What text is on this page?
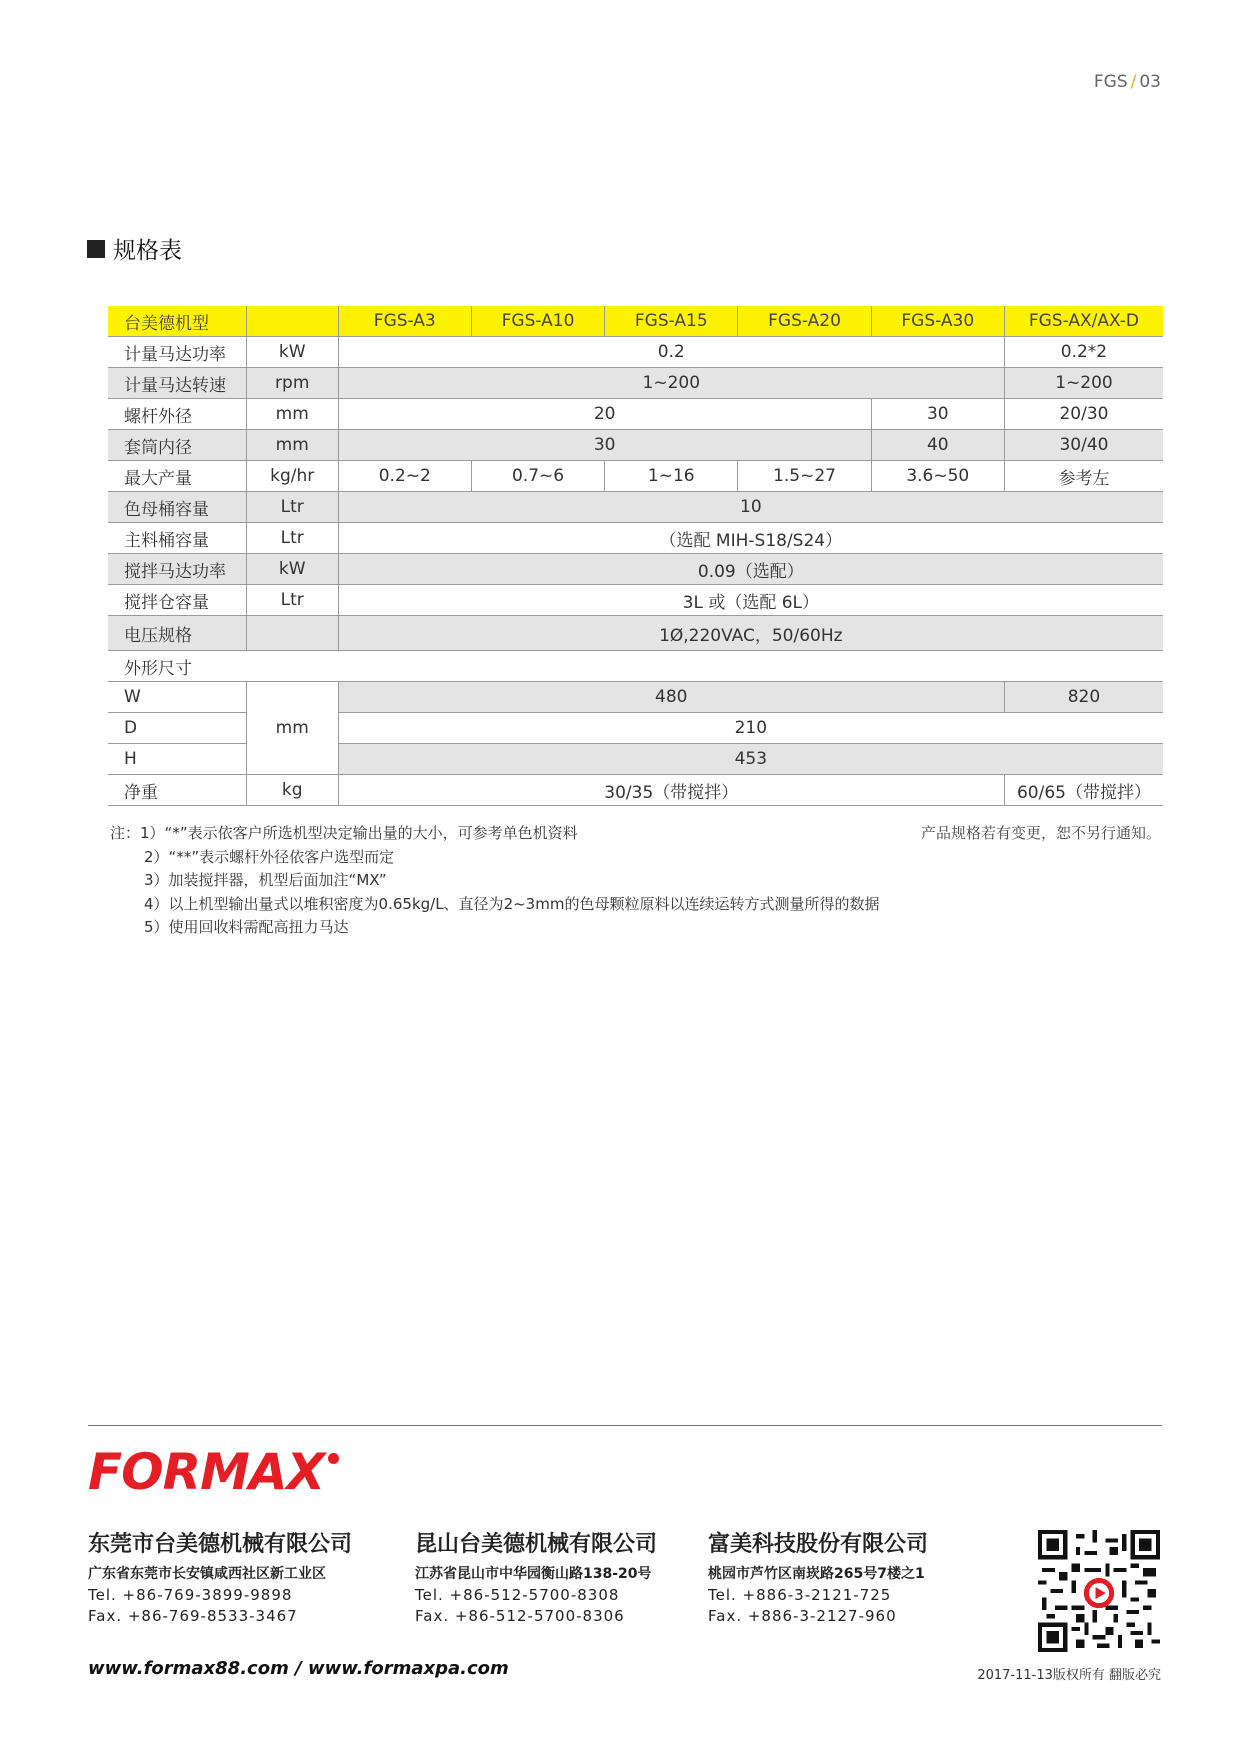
FGS / 03
规格表
台美德机型		FGS-A3	FGS-A10	FGS-A15	FGS-A20	FGS-A30	FGS-AX/AX-D
计量马达功率	kW	0.2					0.2*2
计量马达转速	rpm	1~200					1~200
螺杆外径	mm	20				30	20/30
套筒内径	mm	30				40	30/40
最大产量	kg/hr	0.2~2	0.7~6	1~16	1.5~27	3.6~50	参考左
色母桶容量	Ltr	10					
主料桶容量	Ltr	（选配 MIH-S18/S24）					
搅拌马达功率	kW	0.09（选配）					
搅拌仓容量	Ltr	3L 或（选配 6L）					
电压规格		1Ø,220VAC，50/60Hz					
外形尺寸							
W	mm	480					820
D		210					
H		453					
净重	kg	30/35（带搅拌）					60/65（带搅拌）
注：1）“*”表示依客户所选机型决定输出量的大小，可参考单色机资料
2）“**”表示螺杆外径依客户选型而定
3）加装搅拌器，机型后面加注“MX”
4）以上机型输出量式以堆积密度为0.65kg/L、直径为2~3mm的色母颗粒原料以连续运转方式测量所得的数据
5）使用回收料需配高扭力马达
产品规格若有变更，恕不另行通知。
FORMAX
东莞市台美德机械有限公司
广东省东莞市长安镇咸西社区新工业区
Tel. +86-769-3899-9898
Fax. +86-769-8533-3467
昆山台美德机械有限公司
江苏省昆山市中华园衡山路138-20号
Tel. +86-512-5700-8308
Fax. +86-512-5700-8306
富美科技股份有限公司
桃园市芦竹区南崁路265号7楼之1
Tel. +886-3-2121-725
Fax. +886-3-2127-960
www.formax88.com / www.formaxpa.com	2017-11-13版权所有 翻版必究
